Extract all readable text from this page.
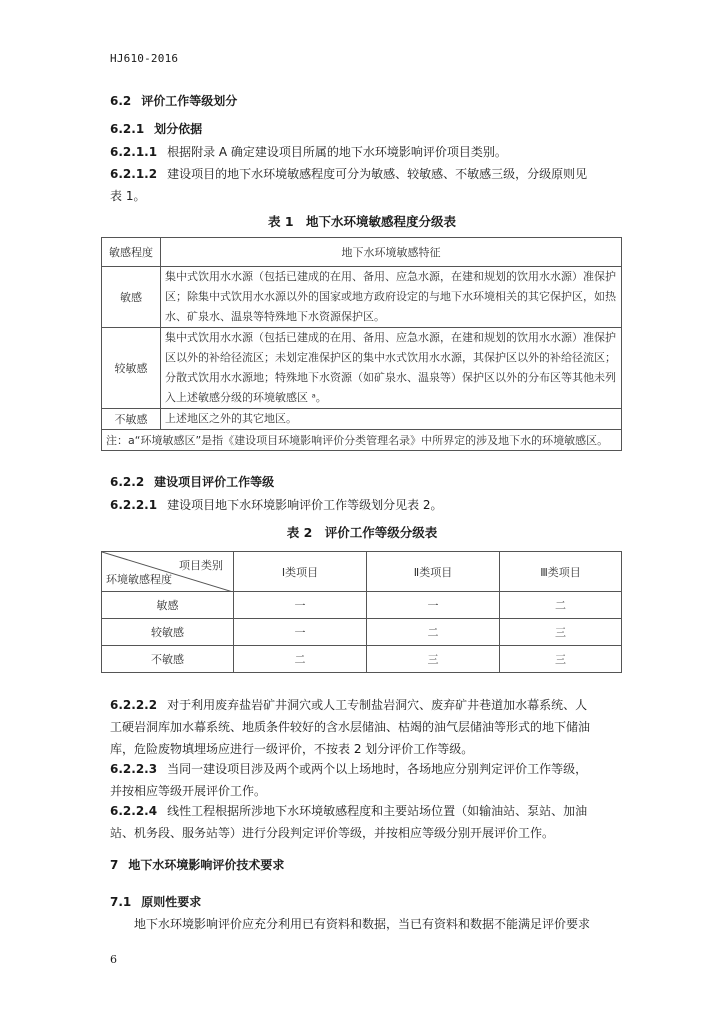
HJ610-2016
6.2 评价工作等级划分
6.2.1 划分依据
6.2.1.1 根据附录 A 确定建设项目所属的地下水环境影响评价项目类别。
6.2.1.2 建设项目的地下水环境敏感程度可分为敏感、较敏感、不敏感三级，分级原则见
表 1。
表 1　地下水环境敏感程度分级表
敏感程度	地下水环境敏感特征
敏感	集中式饮用水水源（包括已建成的在用、备用、应急水源，在建和规划的饮用水水源）准保护区；除集中式饮用水水源以外的国家或地方政府设定的与地下水环境相关的其它保护区，如热水、矿泉水、温泉等特殊地下水资源保护区。
较敏感	集中式饮用水水源（包括已建成的在用、备用、应急水源，在建和规划的饮用水水源）准保护区以外的补给径流区；未划定准保护区的集中水式饮用水水源，其保护区以外的补给径流区；分散式饮用水水源地；特殊地下水资源（如矿泉水、温泉等）保护区以外的分布区等其他未列入上述敏感分级的环境敏感区 ᵃ。
不敏感	上述地区之外的其它地区。
注：a“环境敏感区”是指《建设项目环境影响评价分类管理名录》中所界定的涉及地下水的环境敏感区。	
6.2.2 建设项目评价工作等级
6.2.2.1 建设项目地下水环境影响评价工作等级划分见表 2。
表 2　评价工作等级分级表
项目类别
环境敏感程度	Ⅰ类项目	Ⅱ类项目	Ⅲ类项目
敏感	一	一	二
较敏感	一	二	三
不敏感	二	三	三
6.2.2.2 对于利用废弃盐岩矿井洞穴或人工专制盐岩洞穴、废弃矿井巷道加水幕系统、人
工硬岩洞库加水幕系统、地质条件较好的含水层储油、枯竭的油气层储油等形式的地下储油
库，危险废物填埋场应进行一级评价，不按表 2 划分评价工作等级。
6.2.2.3 当同一建设项目涉及两个或两个以上场地时，各场地应分别判定评价工作等级，
并按相应等级开展评价工作。
6.2.2.4 线性工程根据所涉地下水环境敏感程度和主要站场位置（如输油站、泵站、加油
站、机务段、服务站等）进行分段判定评价等级，并按相应等级分别开展评价工作。
7 地下水环境影响评价技术要求
7.1 原则性要求
地下水环境影响评价应充分利用已有资料和数据，当已有资料和数据不能满足评价要求
6
